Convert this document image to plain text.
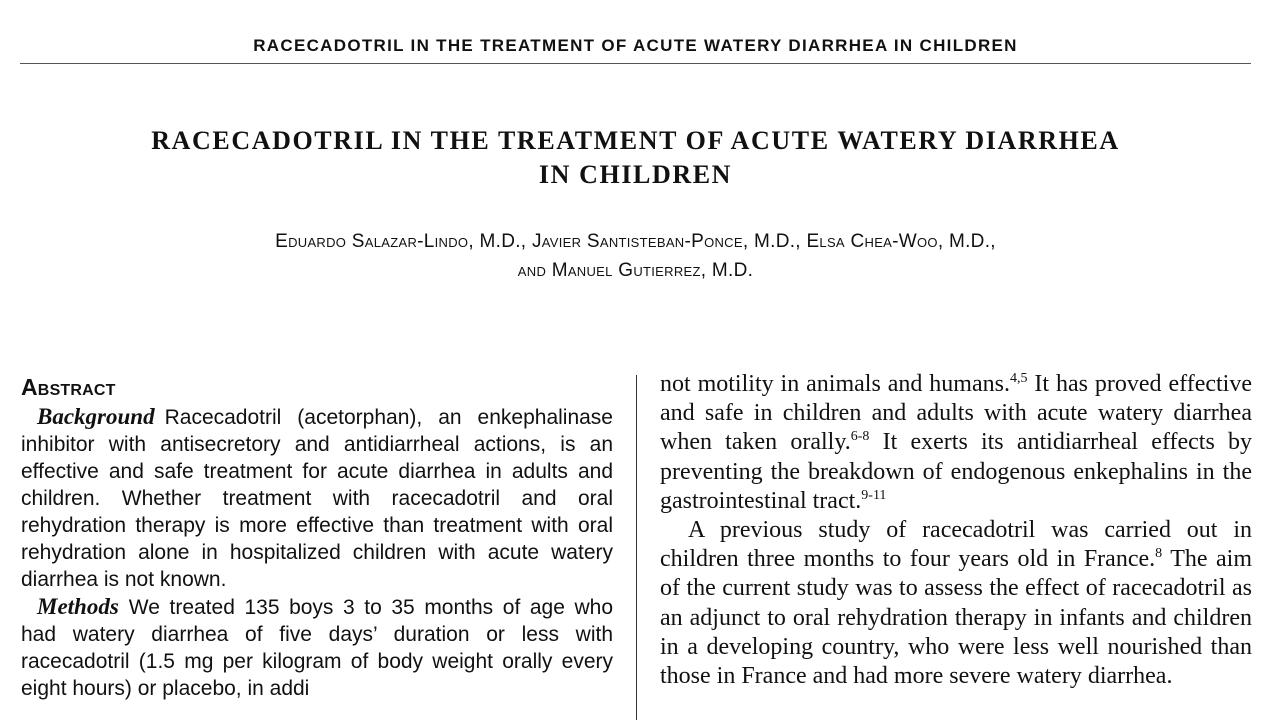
RACECADOTRIL IN THE TREATMENT OF ACUTE WATERY DIARRHEA IN CHILDREN
RACECADOTRIL IN THE TREATMENT OF ACUTE WATERY DIARRHEA
IN CHILDREN
Eduardo Salazar-Lindo, M.D., Javier Santisteban-Ponce, M.D., Elsa Chea-Woo, M.D.,
and Manuel Gutierrez, M.D.
Abstract

Background Racecadotril (acetorphan), an enkephalinase inhibitor with antisecretory and antidiarrheal actions, is an effective and safe treatment for acute diarrhea in adults and children. Whether treatment with racecadotril and oral rehydration therapy is more effective than treatment with oral rehydration alone in hospitalized children with acute watery diarrhea is not known.

Methods We treated 135 boys 3 to 35 months of age who had watery diarrhea of five days’ duration or less with racecadotril (1.5 mg per kilogram of body weight orally every eight hours) or placebo, in addi

not motility in animals and humans.$^{4,5}$ It has proved effective and safe in children and adults with acute watery diarrhea when taken orally.$^{6-8}$ It exerts its antidiarrheal effects by preventing the breakdown of endogenous enkephalins in the gastrointestinal tract.$^{9-11}$

A previous study of racecadotril was carried out in children three months to four years old in France.$^8$ The aim of the current study was to assess the effect of racecadotril as an adjunct to oral rehydration therapy in infants and children in a developing country, who were less well nourished than those in France and had more severe watery diarrhea.
